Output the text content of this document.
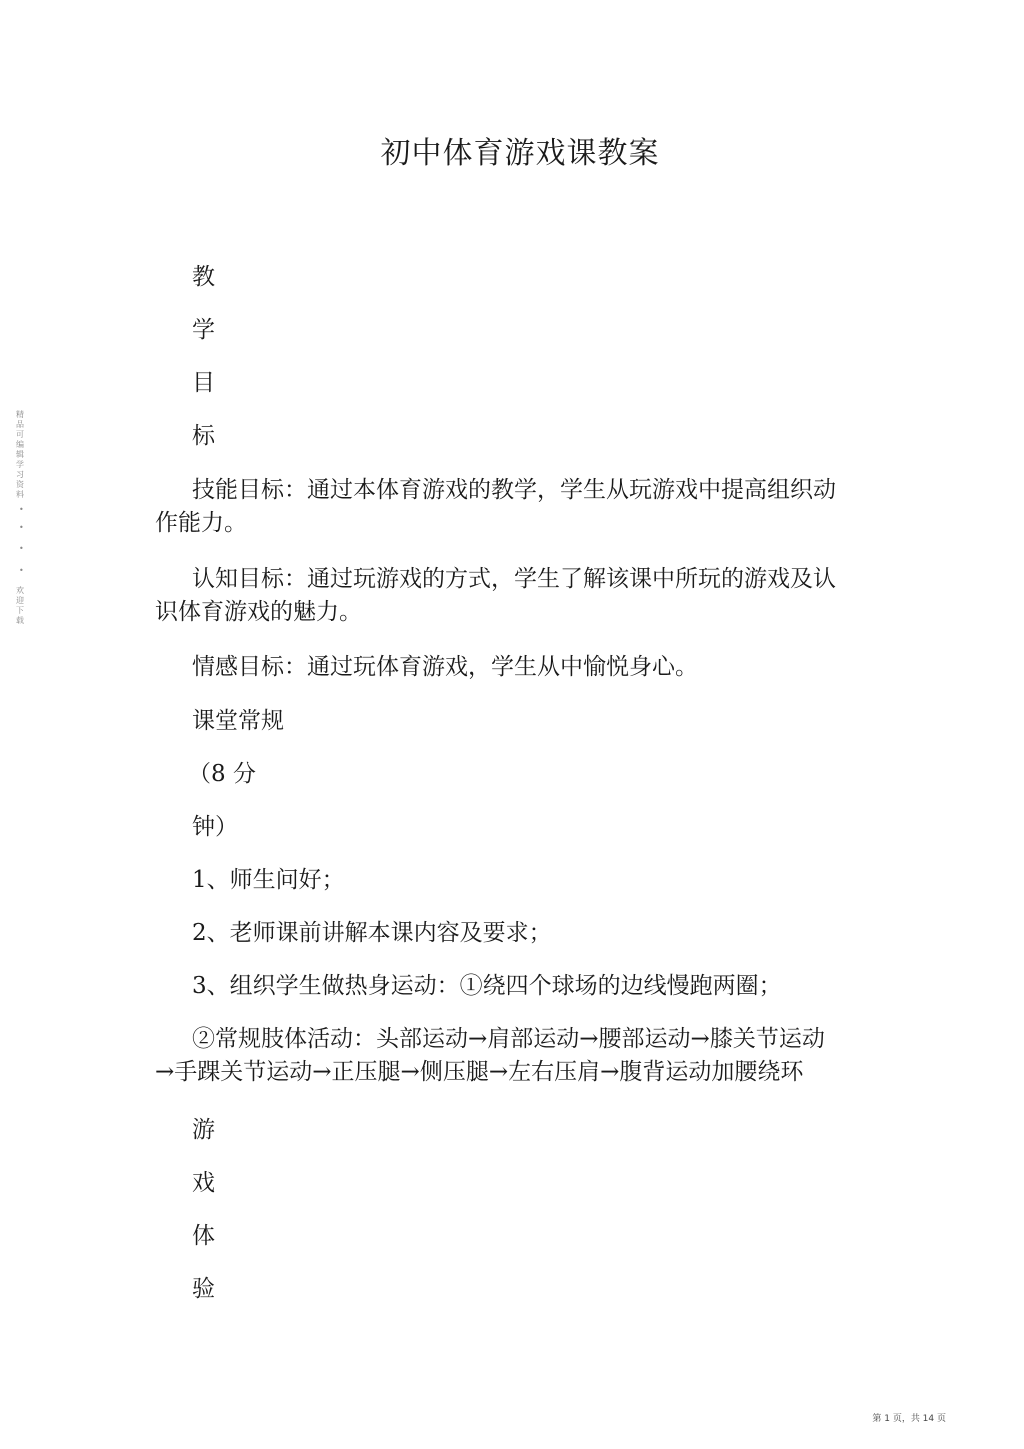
初中体育游戏课教案
教
学
目
标
技能目标：通过本体育游戏的教学，学生从玩游戏中提高组织动
作能力。
认知目标：通过玩游戏的方式，学生了解该课中所玩的游戏及认
识体育游戏的魅力。
情感目标：通过玩体育游戏，学生从中愉悦身心。
课堂常规
（8 分
钟）
1、师生问好；
2、老师课前讲解本课内容及要求；
3、组织学生做热身运动：①绕四个球场的边线慢跑两圈；
②常规肢体活动：头部运动→肩部运动→腰部运动→膝关节运动
→手踝关节运动→正压腿→侧压腿→左右压肩→腹背运动加腰绕环
游
戏
体
验
精品可编辑学习资料
•
•
•
•
欢迎下载
第 1 页，共 14 页
